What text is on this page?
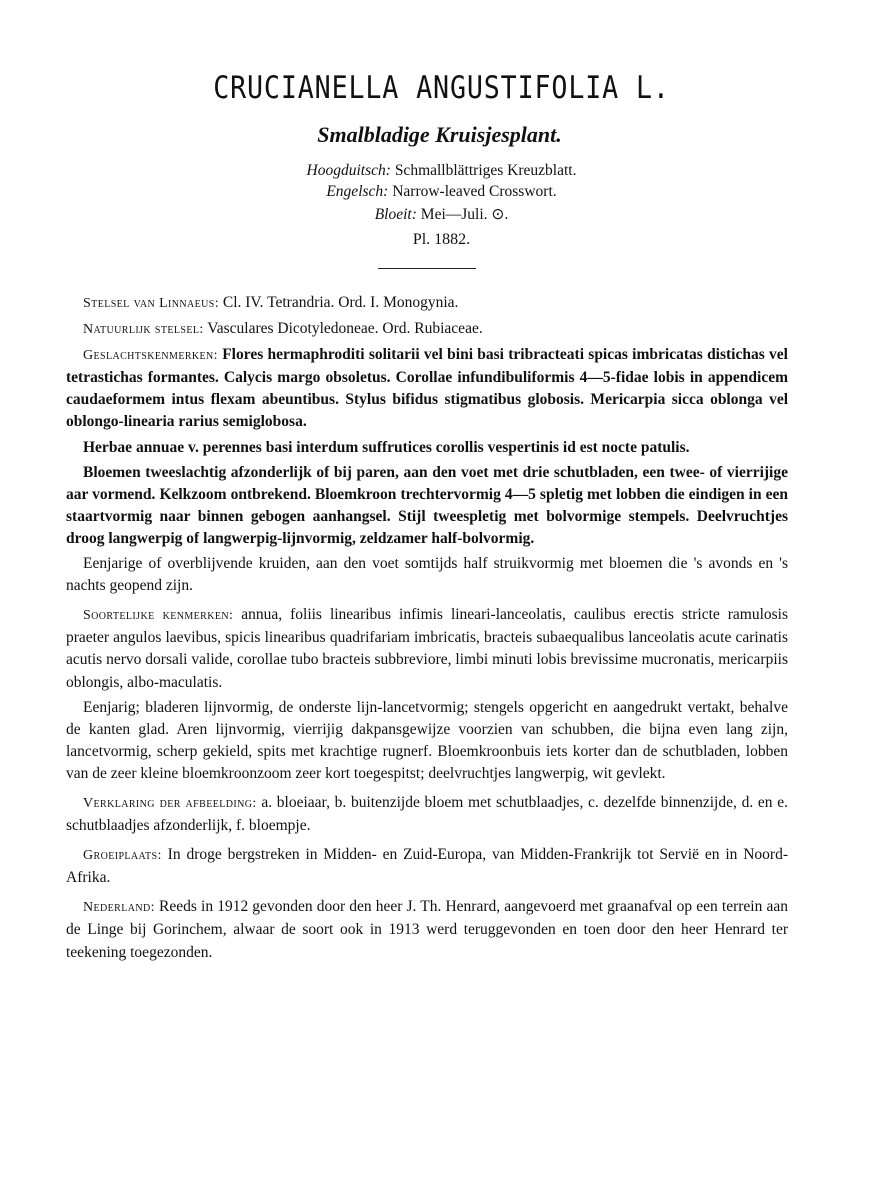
CRUCIANELLA ANGUSTIFOLIA L.
Smalbladige Kruisjesplant.
Hoogduitsch: Schmallblättriges Kreuzblatt.
Engelsch: Narrow-leaved Crosswort.
Bloeit: Mei—Juli. ⊙.
Pl. 1882.

Stelsel van Linnaeus: Cl. IV. Tetrandria. Ord. I. Monogynia.

Natuurlijk stelsel: Vasculares Dicotyledoneae. Ord. Rubiaceae.

Geslachtskenmerken: Flores hermaphroditi solitarii vel bini basi tribracteati spicas imbricatas distichas vel tetrastichas formantes. Calycis margo obsoletus. Corollae infundibuliformis 4—5-fidae lobis in appendicem caudaeformem intus flexam abeuntibus. Stylus bifidus stigmatibus globosis. Mericarpia sicca oblonga vel oblongo-linearia rarius semiglobosa.

Herbae annuae v. perennes basi interdum suffrutices corollis vespertinis id est nocte patulis.

Bloemen tweeslachtig afzonderlijk of bij paren, aan den voet met drie schutbladen, een twee- of vierrijige aar vormend. Kelkzoom ontbrekend. Bloemkroon trechtervormig 4—5 spletig met lobben die eindigen in een staartvormig naar binnen gebogen aanhangsel. Stijl tweespletig met bolvormige stempels. Deelvruchtjes droog langwerpig of langwerpig-lijnvormig, zeldzamer half-bolvormig.

Eenjarige of overblijvende kruiden, aan den voet somtijds half struikvormig met bloemen die 's avonds en 's nachts geopend zijn.

Soortelijke kenmerken: annua, foliis linearibus infimis lineari-lanceolatis, caulibus erectis stricte ramulosis praeter angulos laevibus, spicis linearibus quadrifariam imbricatis, bracteis subaequalibus lanceolatis acute carinatis acutis nervo dorsali valide, corollae tubo bracteis subbreviore, limbi minuti lobis brevissime mucronatis, mericarpiis oblongis, albo-maculatis.

Eenjarig; bladeren lijnvormig, de onderste lijn-lancetvormig; stengels opgericht en aangedrukt vertakt, behalve de kanten glad. Aren lijnvormig, vierrijig dakpansgewijze voorzien van schubben, die bijna even lang zijn, lancetvormig, scherp gekield, spits met krachtige rugnerf. Bloemkroonbuis iets korter dan de schutbladen, lobben van de zeer kleine bloemkroonzoom zeer kort toegespitst; deelvruchtjes langwerpig, wit gevlekt.

Verklaring der afbeelding: a. bloeiaar, b. buitenzijde bloem met schutblaadjes, c. dezelfde binnenzijde, d. en e. schutblaadjes afzonderlijk, f. bloempje.

Groeiplaats: In droge bergstreken in Midden- en Zuid-Europa, van Midden-Frankrijk tot Servië en in Noord-Afrika.

Nederland: Reeds in 1912 gevonden door den heer J. Th. Henrard, aangevoerd met graanafval op een terrein aan de Linge bij Gorinchem, alwaar de soort ook in 1913 werd teruggevonden en toen door den heer Henrard ter teekening toegezonden.
